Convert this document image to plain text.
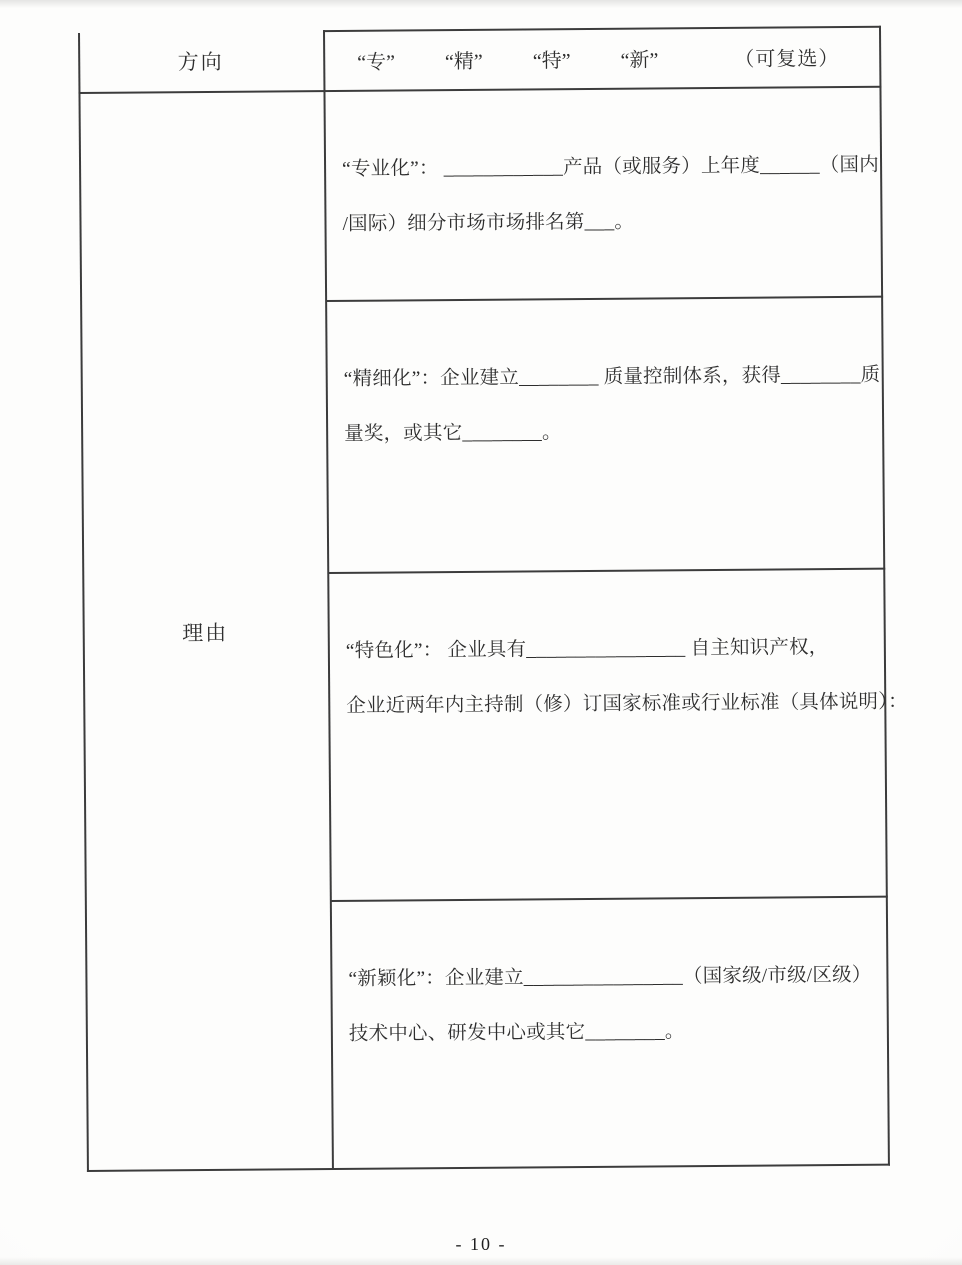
方向	“专” “精” “特” “新”	（可复选）
理由
“专业化”： ____________产品（或服务）上年度______（国内
/国际）细分市场市场排名第___。
“精细化”：企业建立________ 质量控制体系，获得________质
量奖，或其它________。
“特色化”： 企业具有________________ 自主知识产权，
企业近两年内主持制（修）订国家标准或行业标准（具体说明）：
“新颖化”：企业建立________________（国家级/市级/区级）
技术中心、研发中心或其它________。
- 10 -
